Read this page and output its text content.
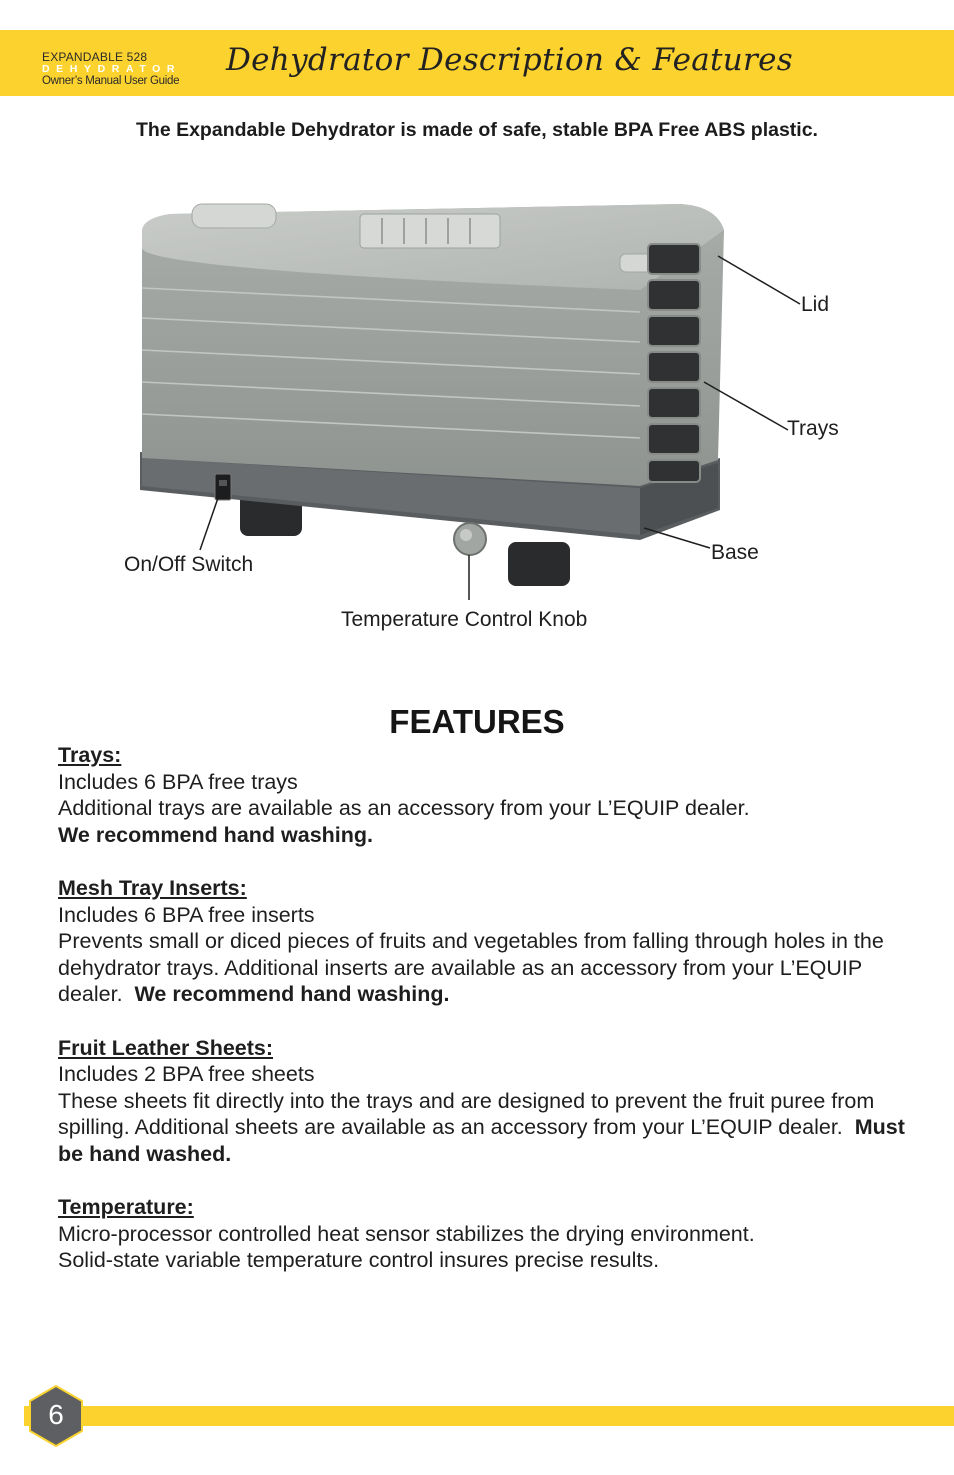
EXPANDABLE 528
DEHYDRATOR
Owner’s Manual User Guide
Dehydrator Description & Features
The Expandable Dehydrator is made of safe, stable BPA Free ABS plastic.
Lid
Trays
Base
On/Off Switch
Temperature Control Knob
FEATURES
Trays:

Includes 6 BPA free trays
Additional trays are available as an accessory from your L’EQUIP dealer.
We recommend hand washing.

Mesh Tray Inserts:

Includes 6 BPA free inserts
Prevents small or diced pieces of fruits and vegetables from falling through holes in the dehydrator trays. Additional inserts are available as an accessory from your L’EQUIP dealer. We recommend hand washing.

Fruit Leather Sheets:

Includes 2 BPA free sheets
These sheets fit directly into the trays and are designed to prevent the fruit puree from spilling. Additional sheets are available as an accessory from your L’EQUIP dealer. Must be hand washed.

Temperature:

Micro-processor controlled heat sensor stabilizes the drying environment.
Solid-state variable temperature control insures precise results.

6
